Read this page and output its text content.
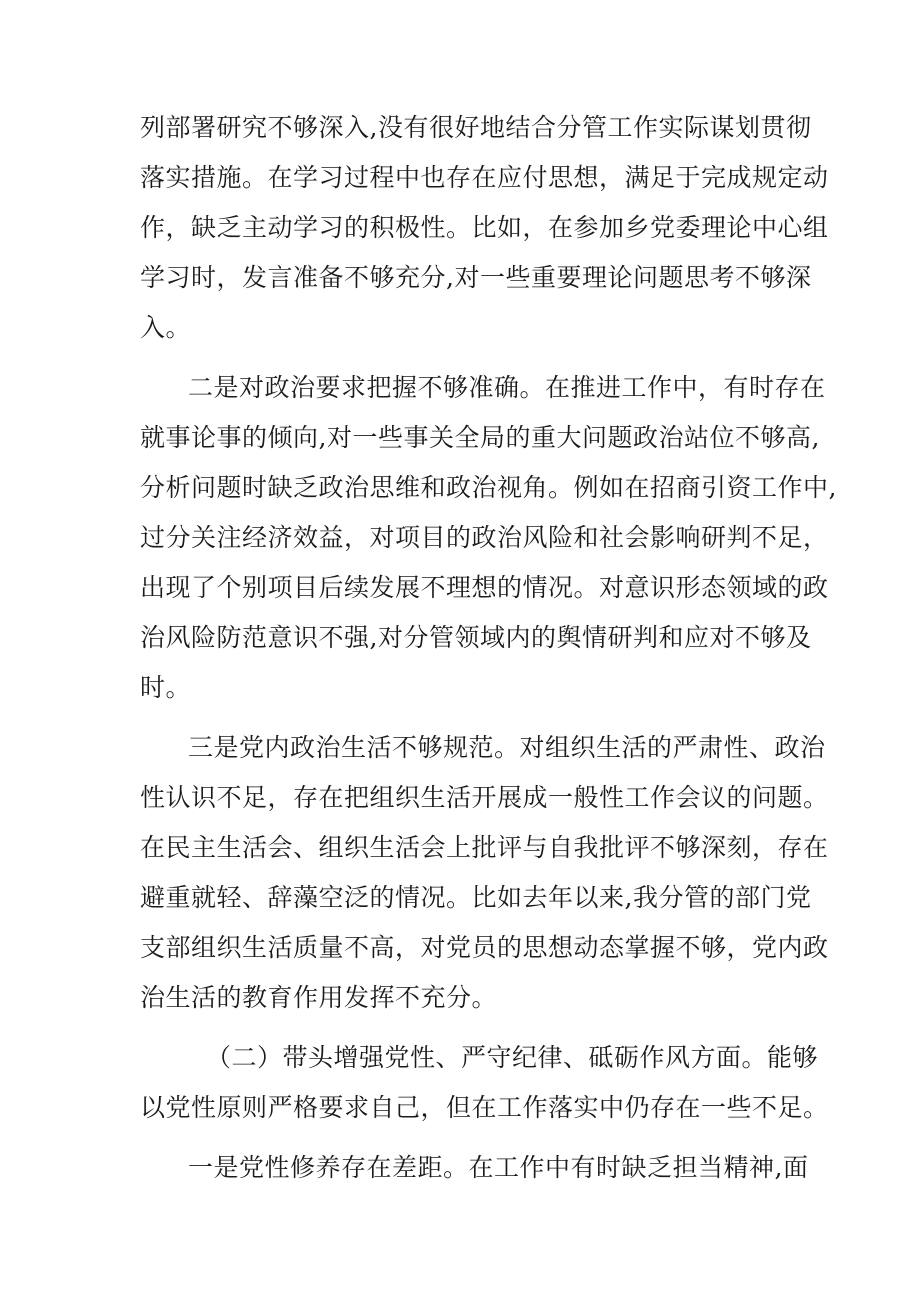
列部署研究不够深入,没有很好地结合分管工作实际谋划贯彻

落实措施。在学习过程中也存在应付思想，满足于完成规定动

作，缺乏主动学习的积极性。比如，在参加乡党委理论中心组

学习时，发言准备不够充分,对一些重要理论问题思考不够深

入。

二是对政治要求把握不够准确。在推进工作中，有时存在

就事论事的倾向,对一些事关全局的重大问题政治站位不够高,

分析问题时缺乏政治思维和政治视角。例如在招商引资工作中,

过分关注经济效益，对项目的政治风险和社会影响研判不足，

出现了个别项目后续发展不理想的情况。对意识形态领域的政

治风险防范意识不强,对分管领域内的舆情研判和应对不够及

时。

三是党内政治生活不够规范。对组织生活的严肃性、政治

性认识不足，存在把组织生活开展成一般性工作会议的问题。

在民主生活会、组织生活会上批评与自我批评不够深刻，存在

避重就轻、辞藻空泛的情况。比如去年以来,我分管的部门党

支部组织生活质量不高，对党员的思想动态掌握不够，党内政

治生活的教育作用发挥不充分。

（二）带头增强党性、严守纪律、砥砺作风方面。能够

以党性原则严格要求自己，但在工作落实中仍存在一些不足。

一是党性修养存在差距。在工作中有时缺乏担当精神,面
